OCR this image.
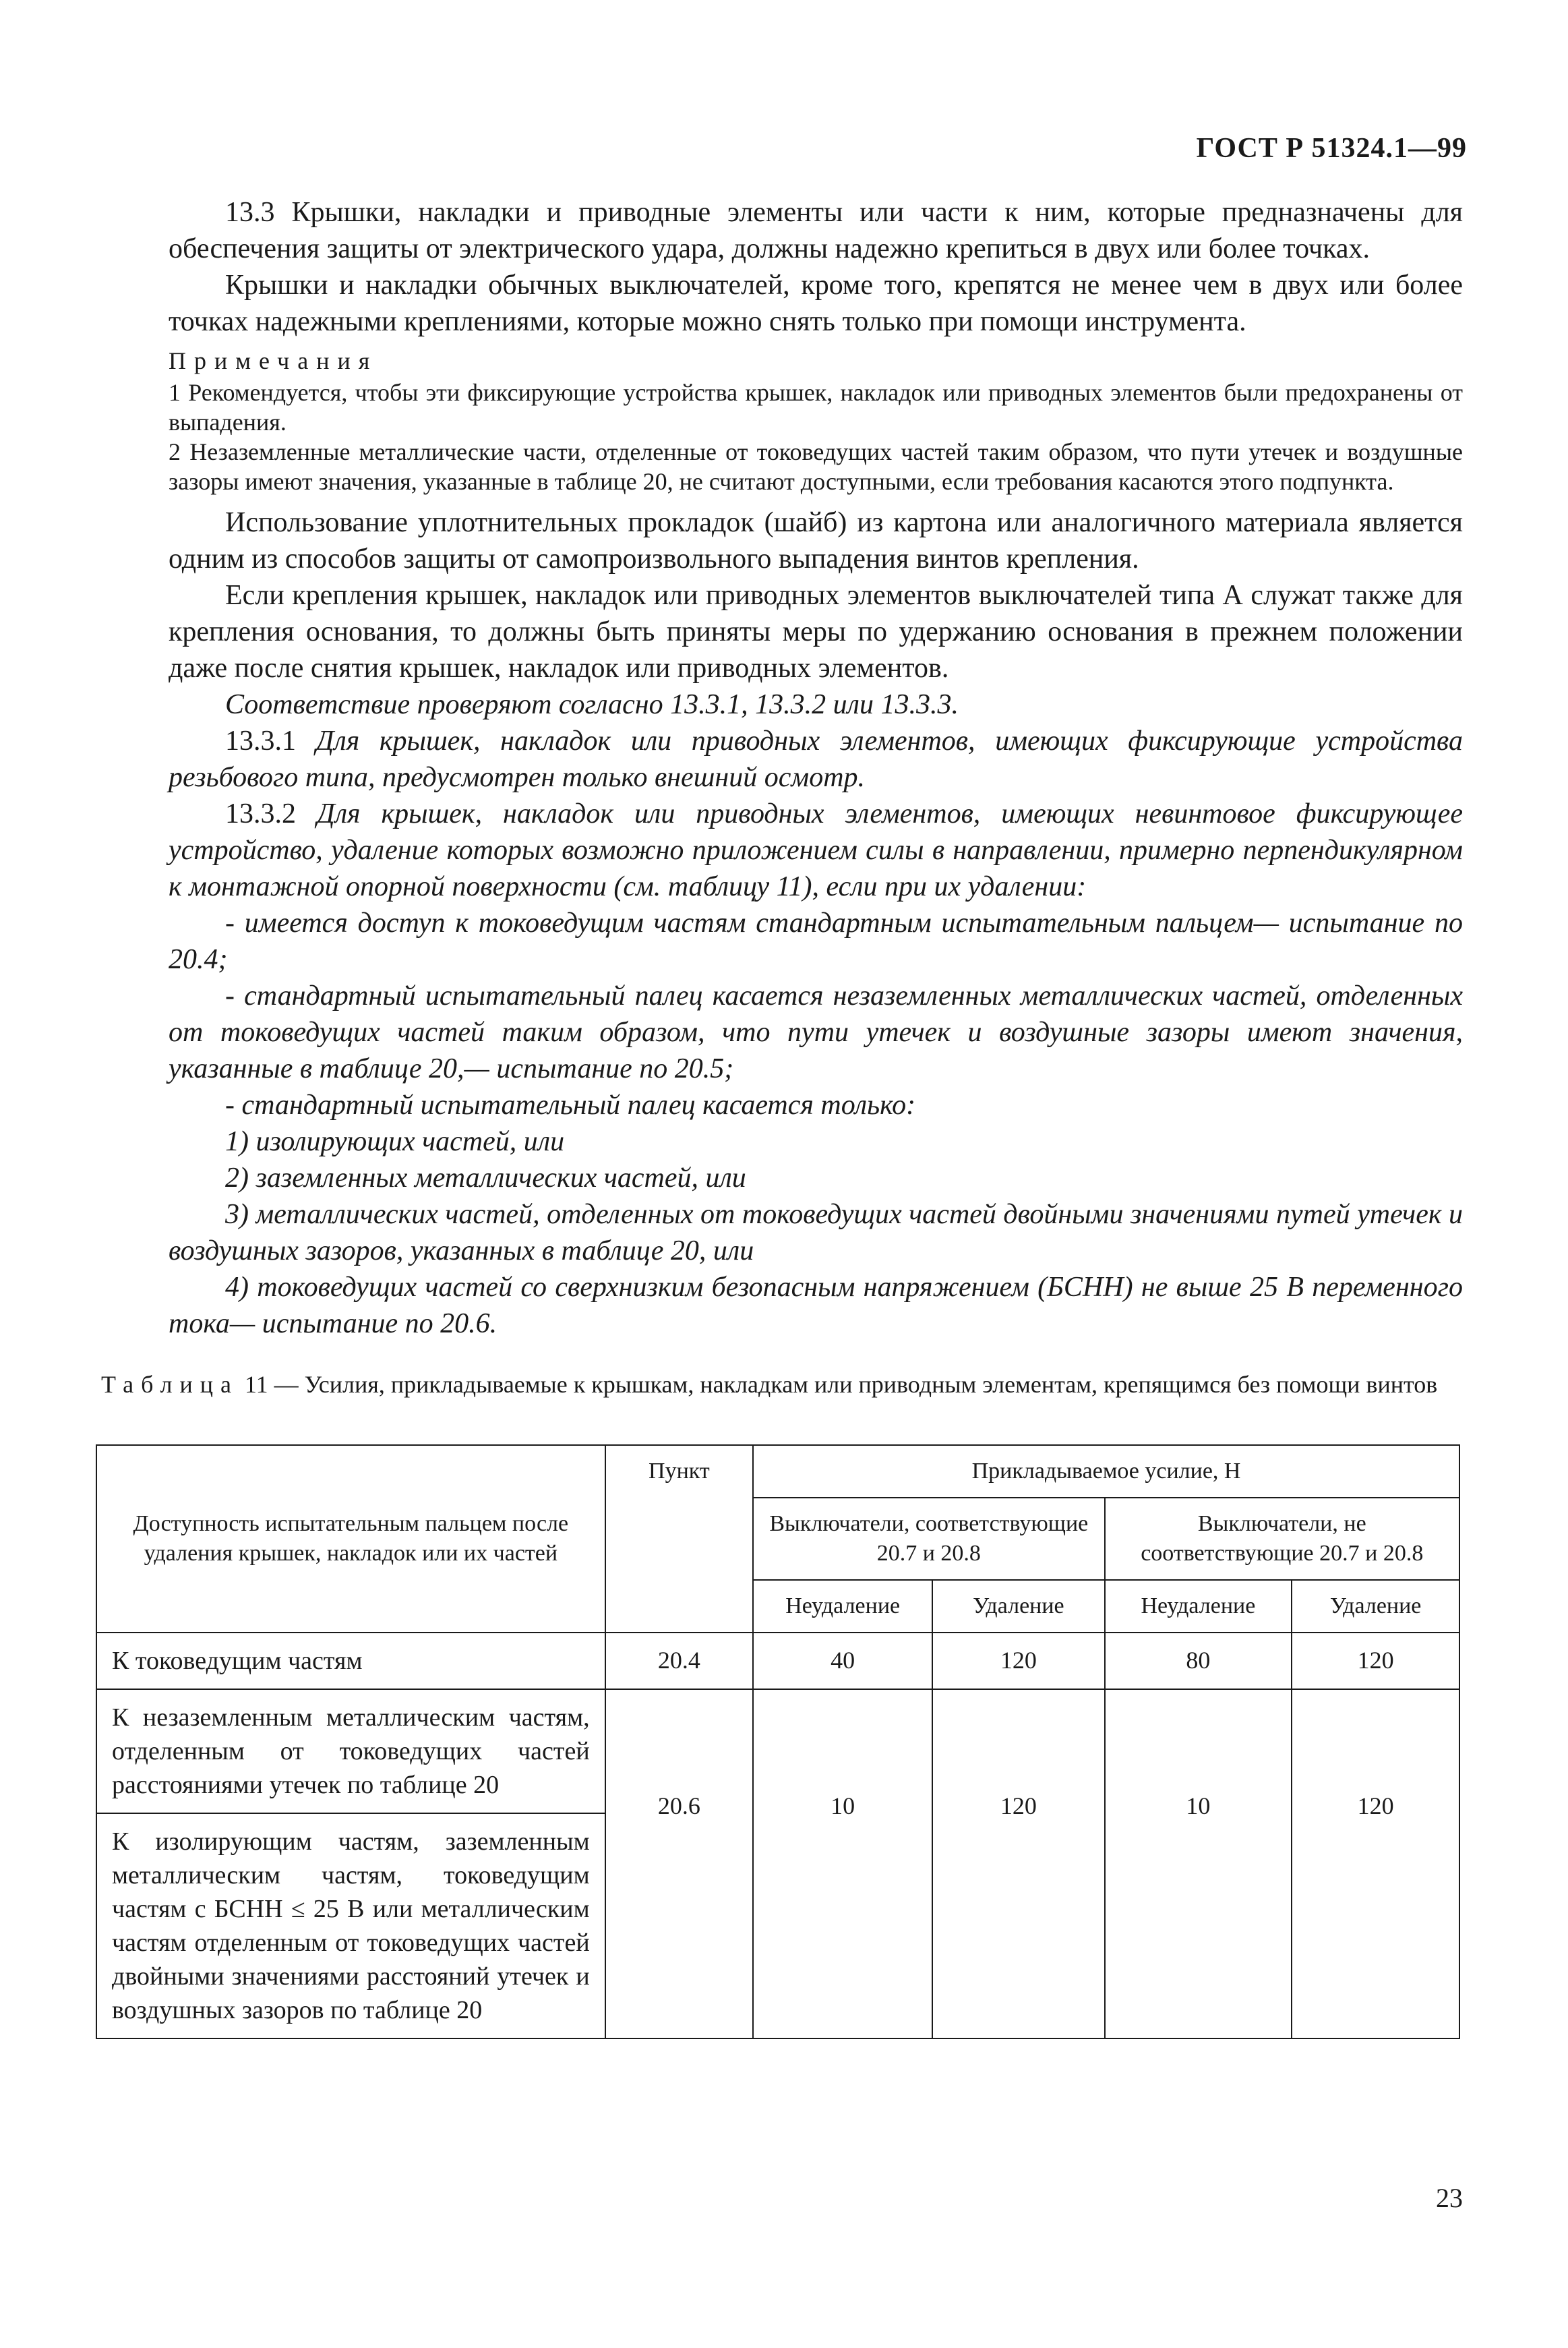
ГОСТ Р 51324.1—99

13.3 Крышки, накладки и приводные элементы или части к ним, которые предназначены для обеспечения защиты от электрического удара, должны надежно крепиться в двух или более точках.

Крышки и накладки обычных выключателей, кроме того, крепятся не менее чем в двух или более точках надежными креплениями, которые можно снять только при помощи инструмента.

Примечания

1 Рекомендуется, чтобы эти фиксирующие устройства крышек, накладок или приводных элементов были предохранены от выпадения.

2 Незаземленные металлические части, отделенные от токоведущих частей таким образом, что пути утечек и воздушные зазоры имеют значения, указанные в таблице 20, не считают доступными, если требования касаются этого подпункта.

Использование уплотнительных прокладок (шайб) из картона или аналогичного материала является одним из способов защиты от самопроизвольного выпадения винтов крепления.

Если крепления крышек, накладок или приводных элементов выключателей типа А служат также для крепления основания, то должны быть приняты меры по удержанию основания в прежнем положении даже после снятия крышек, накладок или приводных элементов.

Соответствие проверяют согласно 13.3.1, 13.3.2 или 13.3.3.

13.3.1 Для крышек, накладок или приводных элементов, имеющих фиксирующие устройства резьбового типа, предусмотрен только внешний осмотр.

13.3.2 Для крышек, накладок или приводных элементов, имеющих невинтовое фиксирующее устройство, удаление которых возможно приложением силы в направлении, примерно перпендикулярном к монтажной опорной поверхности (см. таблицу 11), если при их удалении:

- имеется доступ к токоведущим частям стандартным испытательным пальцем— испытание по 20.4;

- стандартный испытательный палец касается незаземленных металлических частей, отделенных от токоведущих частей таким образом, что пути утечек и воздушные зазоры имеют значения, указанные в таблице 20,— испытание по 20.5;

- стандартный испытательный палец касается только:

1) изолирующих частей, или

2) заземленных металлических частей, или

3) металлических частей, отделенных от токоведущих частей двойными значениями путей утечек и воздушных зазоров, указанных в таблице 20, или

4) токоведущих частей со сверхнизким безопасным напряжением (БСНН) не выше 25 В переменного тока— испытание по 20.6.

Таблица 11 — Усилия, прикладываемые к крышкам, накладкам или приводным элементам, крепящимся без помощи винтов
Доступность испытательным пальцем после удаления крышек, накладок или их частей	Пункт	Прикладываемое усилие, Н			
		Выключатели, соответствующие 20.7 и 20.8		Выключатели, не соответствующие 20.7 и 20.8	
		Неудаление	Удаление	Неудаление	Удаление
К токоведущим частям	20.4	40	120	80	120
К незаземленным металлическим частям, отделенным от токоведущих частей расстояниями утечек по таблице 20	20.6	10	120	10	120
К изолирующим частям, заземленным металлическим частям, токоведущим частям с БСНН ≤ 25 В или металлическим частям отделенным от токоведущих частей двойными значениями расстояний утечек и воздушных зазоров по таблице 20					
23
